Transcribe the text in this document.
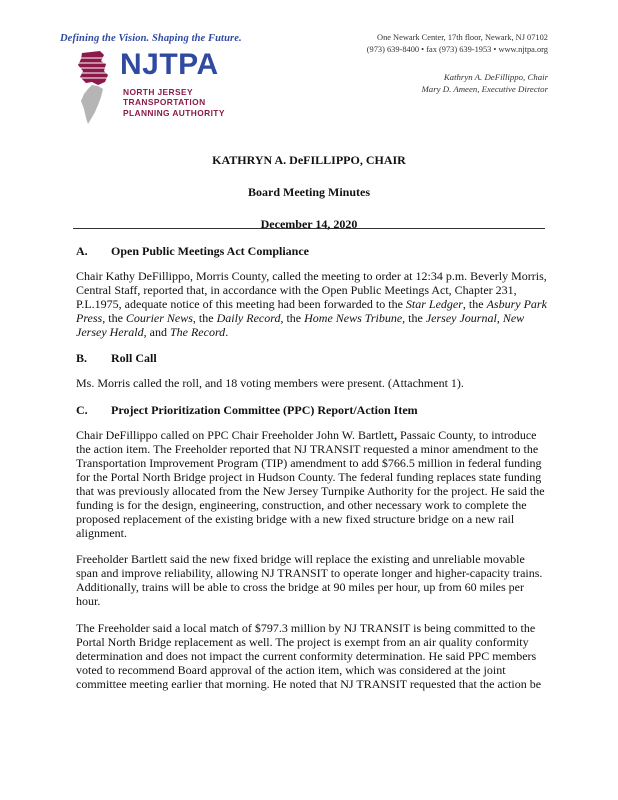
Defining the Vision. Shaping the Future.
NJTPA
NORTH JERSEY
TRANSPORTATION
PLANNING AUTHORITY
One Newark Center, 17th floor, Newark, NJ 07102
(973) 639-8400 • fax (973) 639-1953 • www.njtpa.org
Kathryn A. DeFillippo, Chair
Mary D. Ameen, Executive Director
KATHRYN A. DeFILLIPPO, CHAIR
Board Meeting Minutes
December 14, 2020
A. Open Public Meetings Act Compliance
Chair Kathy DeFillippo, Morris County, called the meeting to order at 12:34 p.m. Beverly Morris, Central Staff, reported that, in accordance with the Open Public Meetings Act, Chapter 231, P.L.1975, adequate notice of this meeting had been forwarded to the Star Ledger, the Asbury Park Press, the Courier News, the Daily Record, the Home News Tribune, the Jersey Journal, New Jersey Herald, and The Record.
B. Roll Call
Ms. Morris called the roll, and 18 voting members were present. (Attachment 1).
C. Project Prioritization Committee (PPC) Report/Action Item
Chair DeFillippo called on PPC Chair Freeholder John W. Bartlett, Passaic County, to introduce the action item. The Freeholder reported that NJ TRANSIT requested a minor amendment to the Transportation Improvement Program (TIP) amendment to add $766.5 million in federal funding for the Portal North Bridge project in Hudson County. The federal funding replaces state funding that was previously allocated from the New Jersey Turnpike Authority for the project. He said the funding is for the design, engineering, construction, and other necessary work to complete the proposed replacement of the existing bridge with a new fixed structure bridge on a new rail alignment.
Freeholder Bartlett said the new fixed bridge will replace the existing and unreliable movable span and improve reliability, allowing NJ TRANSIT to operate longer and higher-capacity trains. Additionally, trains will be able to cross the bridge at 90 miles per hour, up from 60 miles per hour.
The Freeholder said a local match of $797.3 million by NJ TRANSIT is being committed to the Portal North Bridge replacement as well. The project is exempt from an air quality conformity determination and does not impact the current conformity determination. He said PPC members voted to recommend Board approval of the action item, which was considered at the joint committee meeting earlier that morning. He noted that NJ TRANSIT requested that the action be
